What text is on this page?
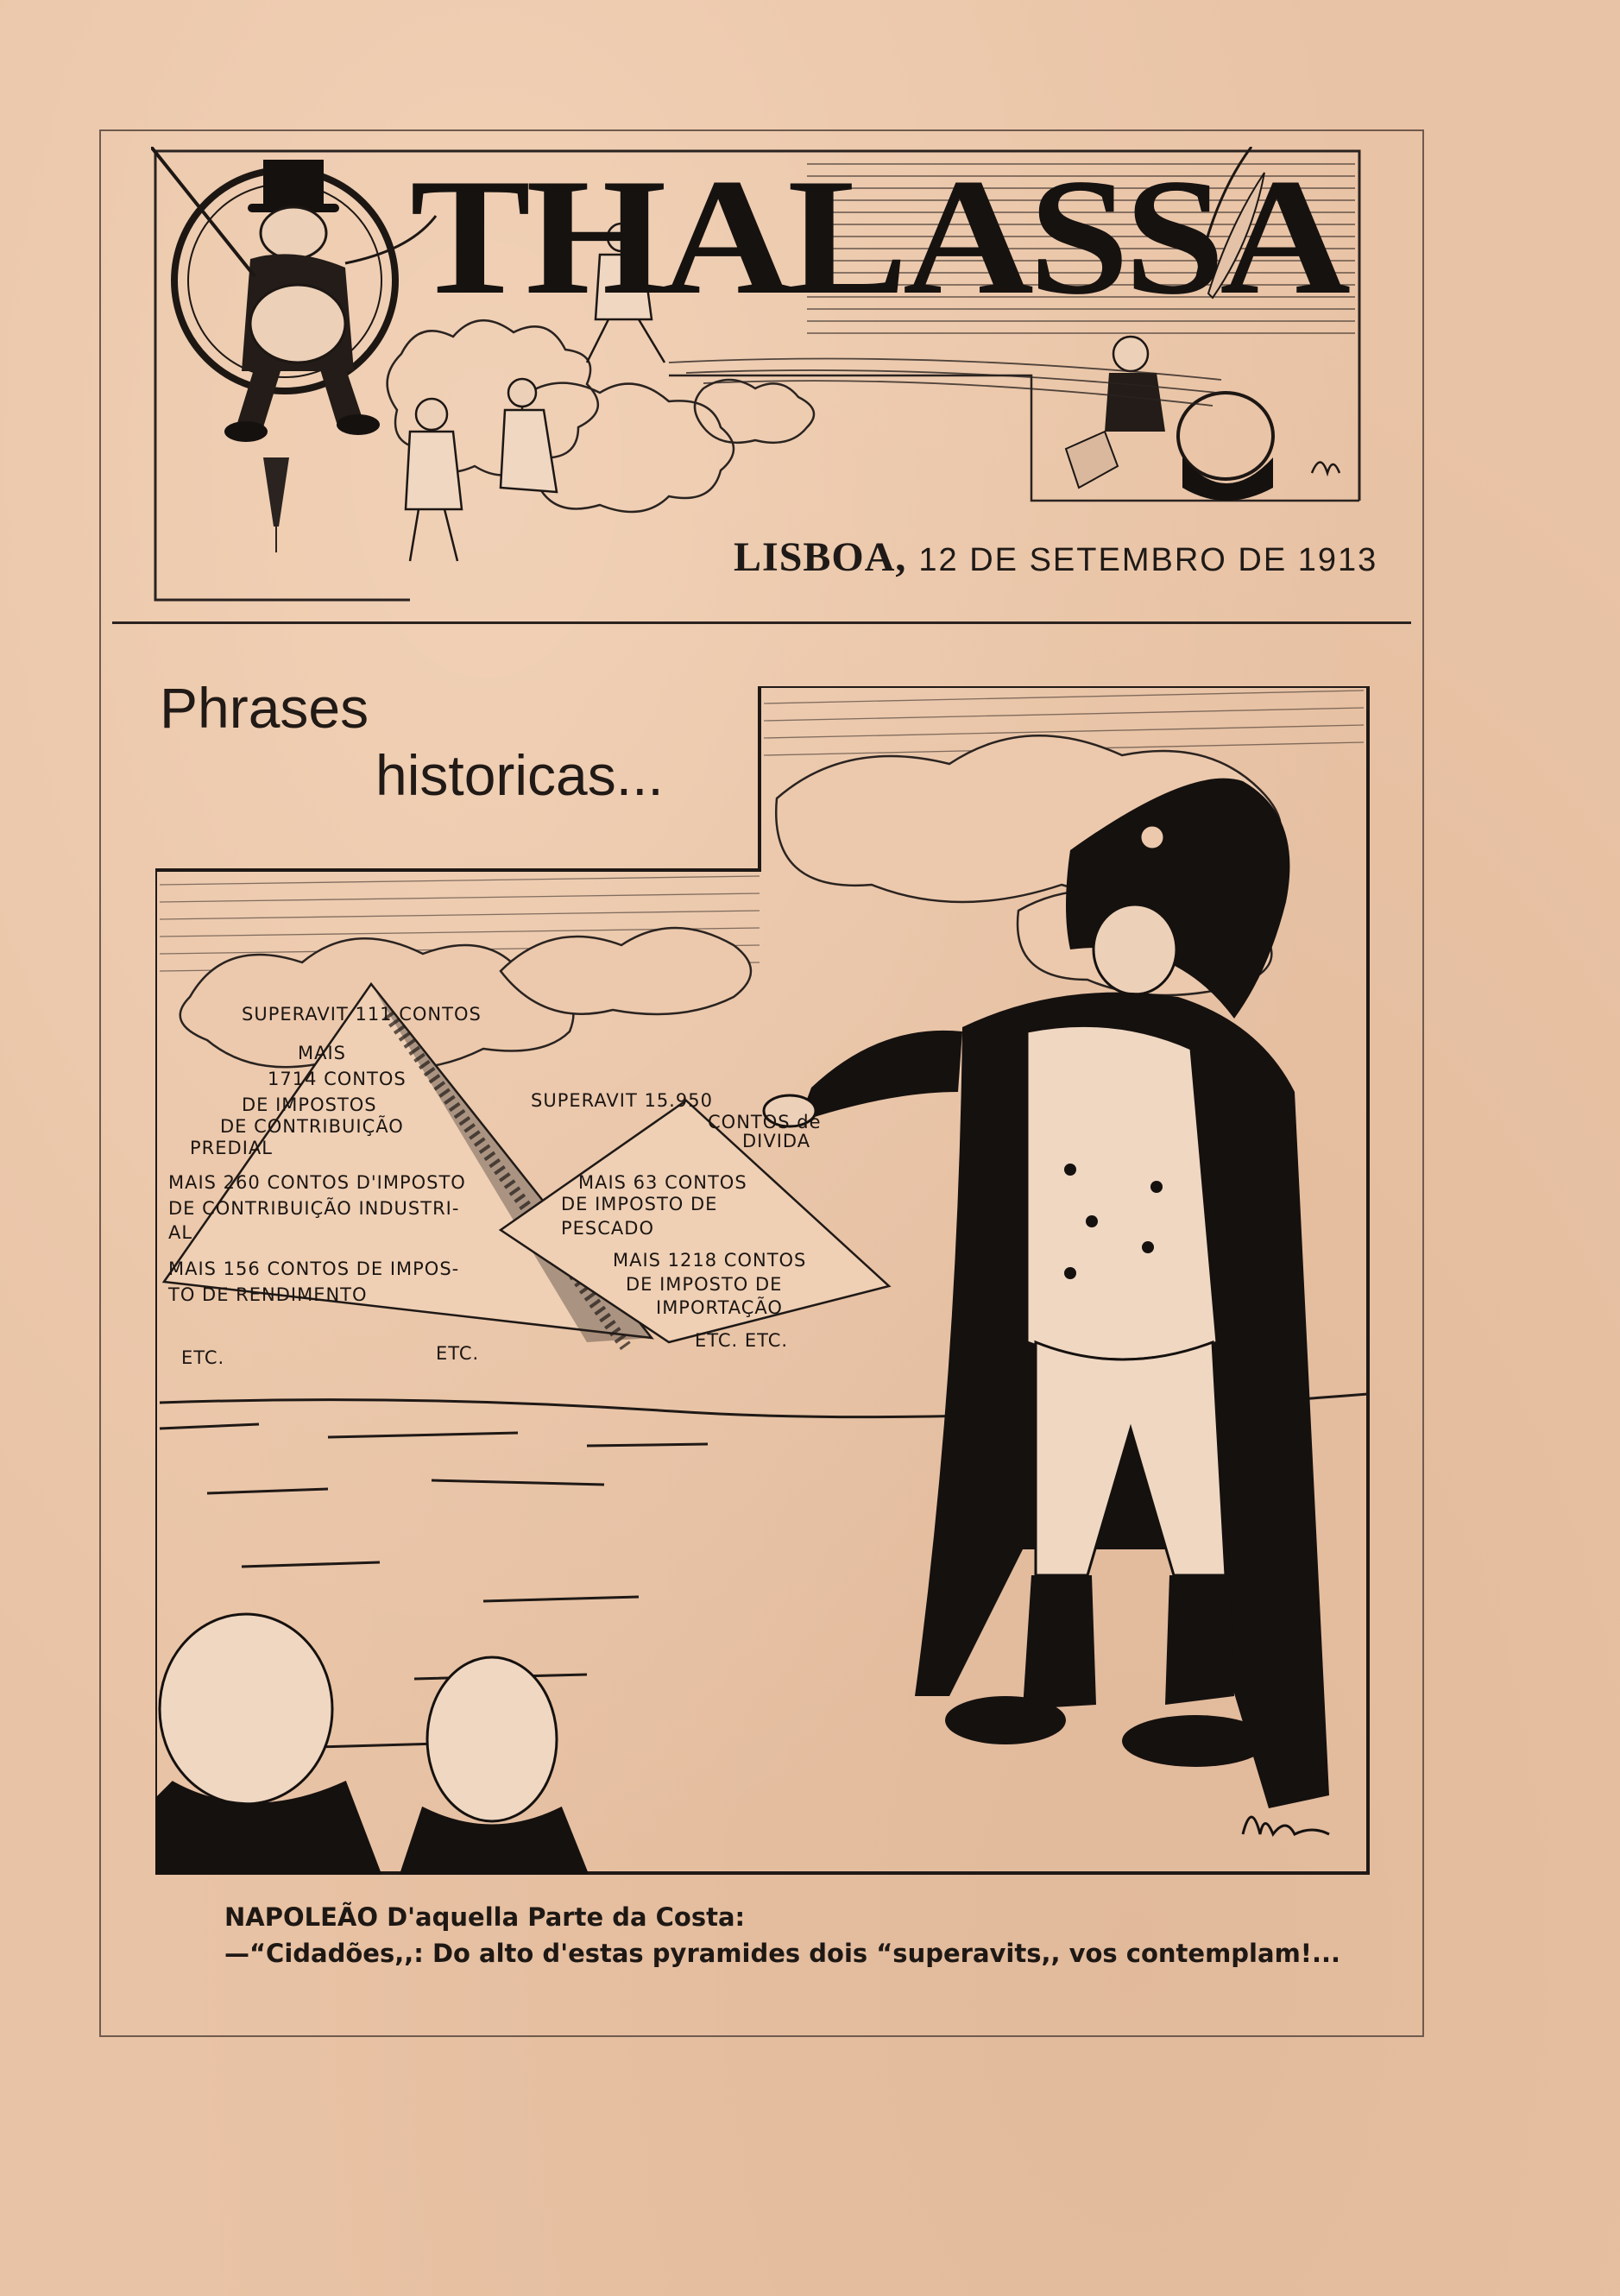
THALASSA
LISBOA, 12 DE SETEMBRO DE 1913
SUPERAVIT 111 CONTOS
MAIS
1714 CONTOS
DE IMPOSTOS
DE CONTRIBUIÇÃO
PREDIAL
MAIS 260 CONTOS D'IMPOSTO
DE CONTRIBUIÇÃO INDUSTRI-
AL
MAIS 156 CONTOS DE IMPOS-
TO DE RENDIMENTO
ETC.	ETC.
SUPERAVIT 15.950
CONTOS de
DIVIDA
MAIS 63 CONTOS
DE IMPOSTO DE
PESCADO
MAIS 1218 CONTOS
DE IMPOSTO DE
IMPORTAÇÃO
ETC. ETC.
Phrases
historicas...
NAPOLEÃO D'aquella Parte da Costa:
—“Cidadões,,: Do alto d'estas pyramides dois “superavits,, vos contemplam!...
